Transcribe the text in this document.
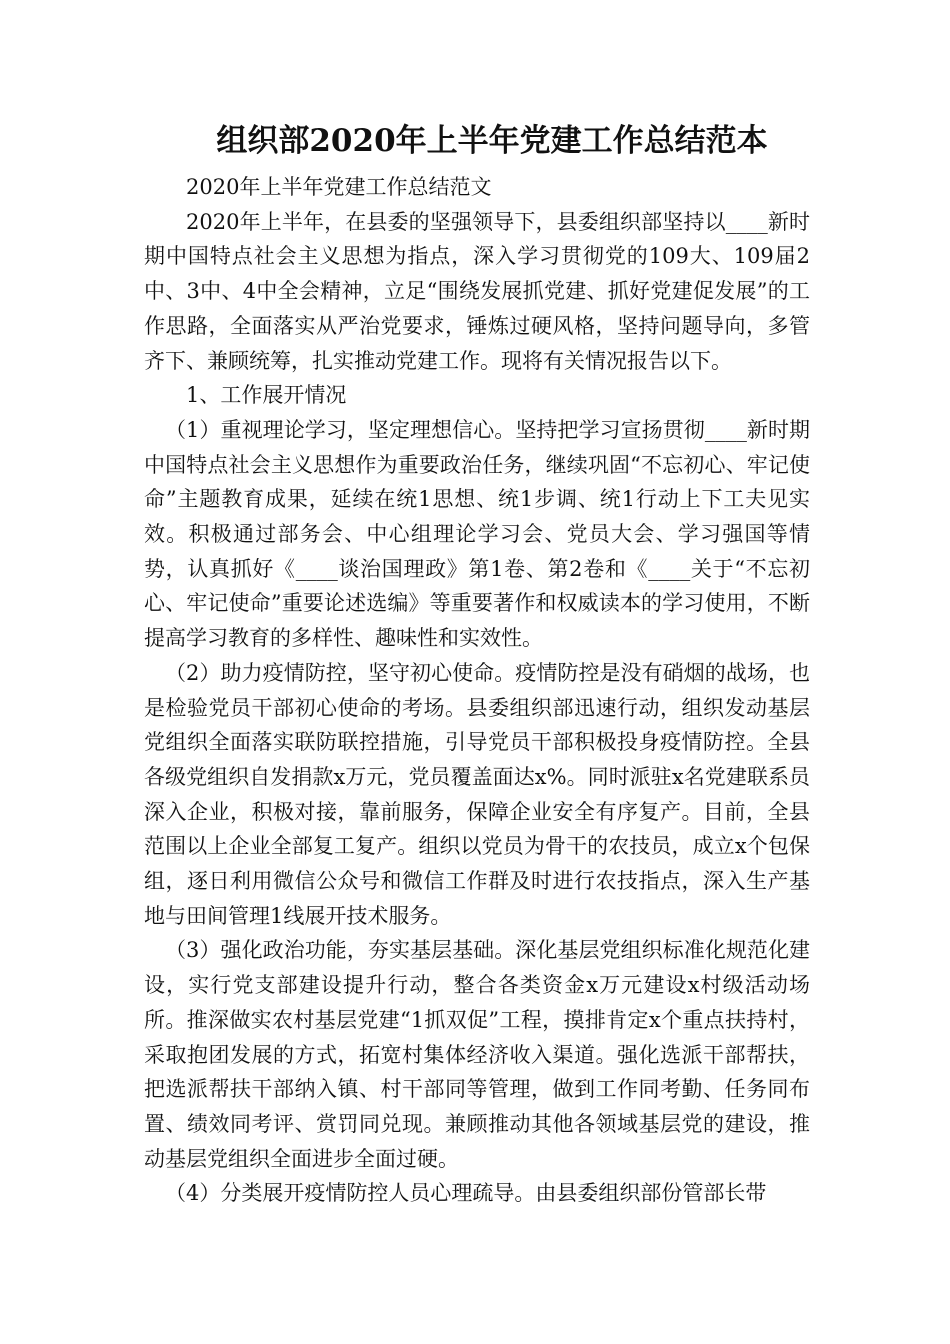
组织部2020年上半年党建工作总结范本

2020年上半年党建工作总结范文

2020年上半年，在县委的坚强领导下，县委组织部坚持以____新时期中国特点社会主义思想为指点，深入学习贯彻党的109大、109届2中、3中、4中全会精神，立足“围绕发展抓党建、抓好党建促发展”的工作思路，全面落实从严治党要求，锤炼过硬风格，坚持问题导向，多管齐下、兼顾统筹，扎实推动党建工作。现将有关情况报告以下。

1、工作展开情况

（1）重视理论学习，坚定理想信心。坚持把学习宣扬贯彻____新时期中国特点社会主义思想作为重要政治任务，继续巩固“不忘初心、牢记使命”主题教育成果，延续在统1思想、统1步调、统1行动上下工夫见实效。积极通过部务会、中心组理论学习会、党员大会、学习强国等情势，认真抓好《____谈治国理政》第1卷、第2卷和《____关于“不忘初心、牢记使命”重要论述选编》等重要著作和权威读本的学习使用，不断提高学习教育的多样性、趣味性和实效性。

（2）助力疫情防控，坚守初心使命。疫情防控是没有硝烟的战场，也是检验党员干部初心使命的考场。县委组织部迅速行动，组织发动基层党组织全面落实联防联控措施，引导党员干部积极投身疫情防控。全县各级党组织自发捐款x万元，党员覆盖面达x%。同时派驻x名党建联系员深入企业，积极对接，靠前服务，保障企业安全有序复产。目前，全县范围以上企业全部复工复产。组织以党员为骨干的农技员，成立x个包保组，逐日利用微信公众号和微信工作群及时进行农技指点，深入生产基地与田间管理1线展开技术服务。

（3）强化政治功能，夯实基层基础。深化基层党组织标准化规范化建设，实行党支部建设提升行动，整合各类资金x万元建设x村级活动场所。推深做实农村基层党建“1抓双促”工程，摸排肯定x个重点扶持村，采取抱团发展的方式，拓宽村集体经济收入渠道。强化选派干部帮扶，把选派帮扶干部纳入镇、村干部同等管理，做到工作同考勤、任务同布置、绩效同考评、赏罚同兑现。兼顾推动其他各领域基层党的建设，推动基层党组织全面进步全面过硬。

（4）分类展开疫情防控人员心理疏导。由县委组织部份管部长带
